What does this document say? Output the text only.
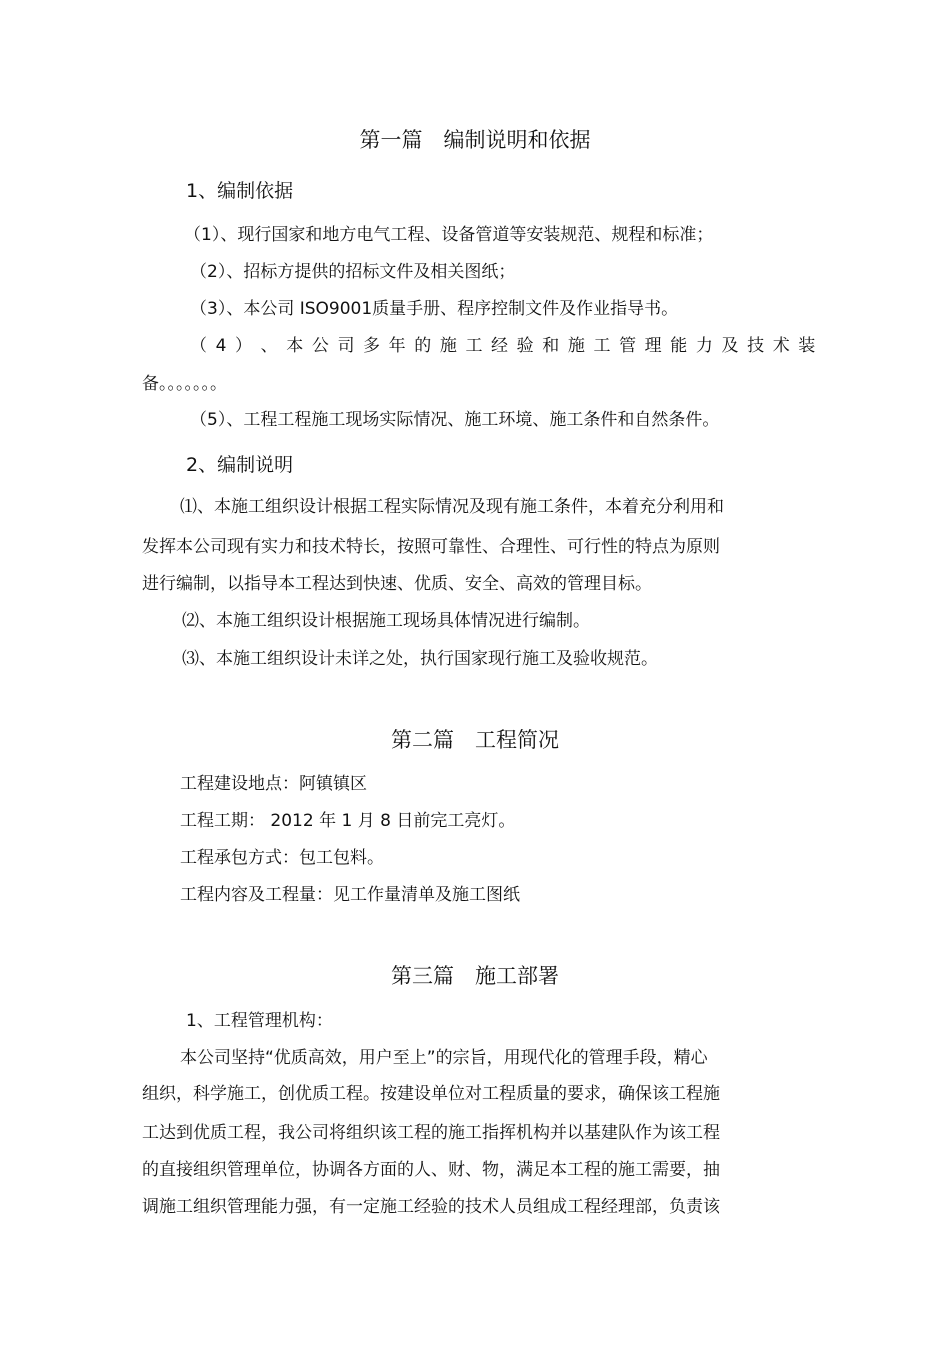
第一篇　编制说明和依据
1、编制依据
（1）、现行国家和地方电气工程、设备管道等安装规范、规程和标准；
（2）、招标方提供的招标文件及相关图纸；
（3）、本公司 ISO9001质量手册、程序控制文件及作业指导书。
（ 4 ） 、 本 公 司 多 年 的 施 工 经 验 和 施 工 管 理 能 力 及 技 术 装
备。。。。。。。
（5）、工程工程施工现场实际情况、施工环境、施工条件和自然条件。
2、编制说明
⑴、本施工组织设计根据工程实际情况及现有施工条件，本着充分利用和
发挥本公司现有实力和技术特长，按照可靠性、合理性、可行性的特点为原则
进行编制，以指导本工程达到快速、优质、安全、高效的管理目标。
⑵、本施工组织设计根据施工现场具体情况进行编制。
⑶、本施工组织设计未详之处，执行国家现行施工及验收规范。
第二篇　工程简况
工程建设地点：阿镇镇区
工程工期： 2012 年 1 月 8 日前完工亮灯。
工程承包方式：包工包料。
工程内容及工程量：见工作量清单及施工图纸
第三篇　施工部署
1、工程管理机构：
本公司坚持“优质高效，用户至上”的宗旨，用现代化的管理手段，精心
组织，科学施工，创优质工程。按建设单位对工程质量的要求，确保该工程施
工达到优质工程，我公司将组织该工程的施工指挥机构并以基建队作为该工程
的直接组织管理单位，协调各方面的人、财、物，满足本工程的施工需要，抽
调施工组织管理能力强，有一定施工经验的技术人员组成工程经理部，负责该
